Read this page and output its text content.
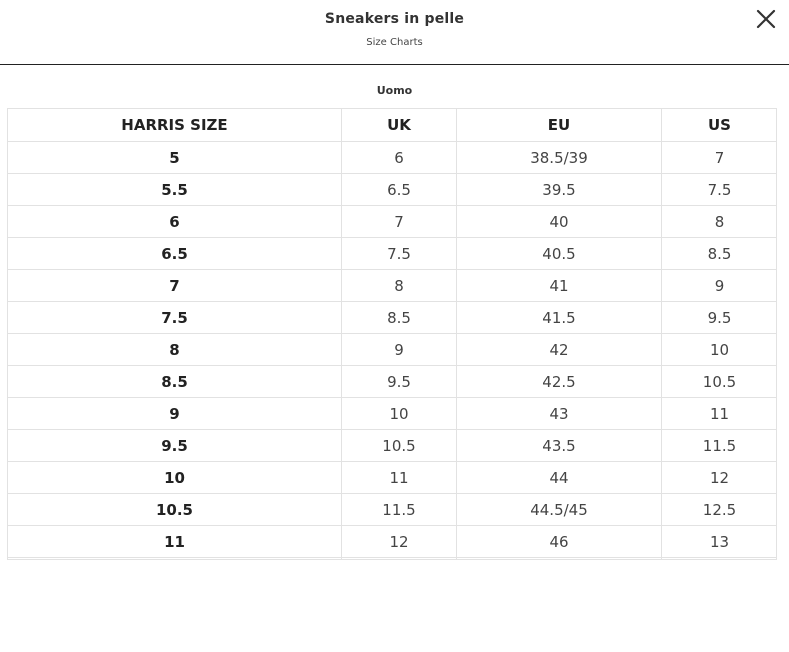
Sneakers in pelle
Size Charts
Uomo
HARRIS SIZE	UK	EU	US
5	6	38.5/39	7
5.5	6.5	39.5	7.5
6	7	40	8
6.5	7.5	40.5	8.5
7	8	41	9
7.5	8.5	41.5	9.5
8	9	42	10
8.5	9.5	42.5	10.5
9	10	43	11
9.5	10.5	43.5	11.5
10	11	44	12
10.5	11.5	44.5/45	12.5
11	12	46	13
